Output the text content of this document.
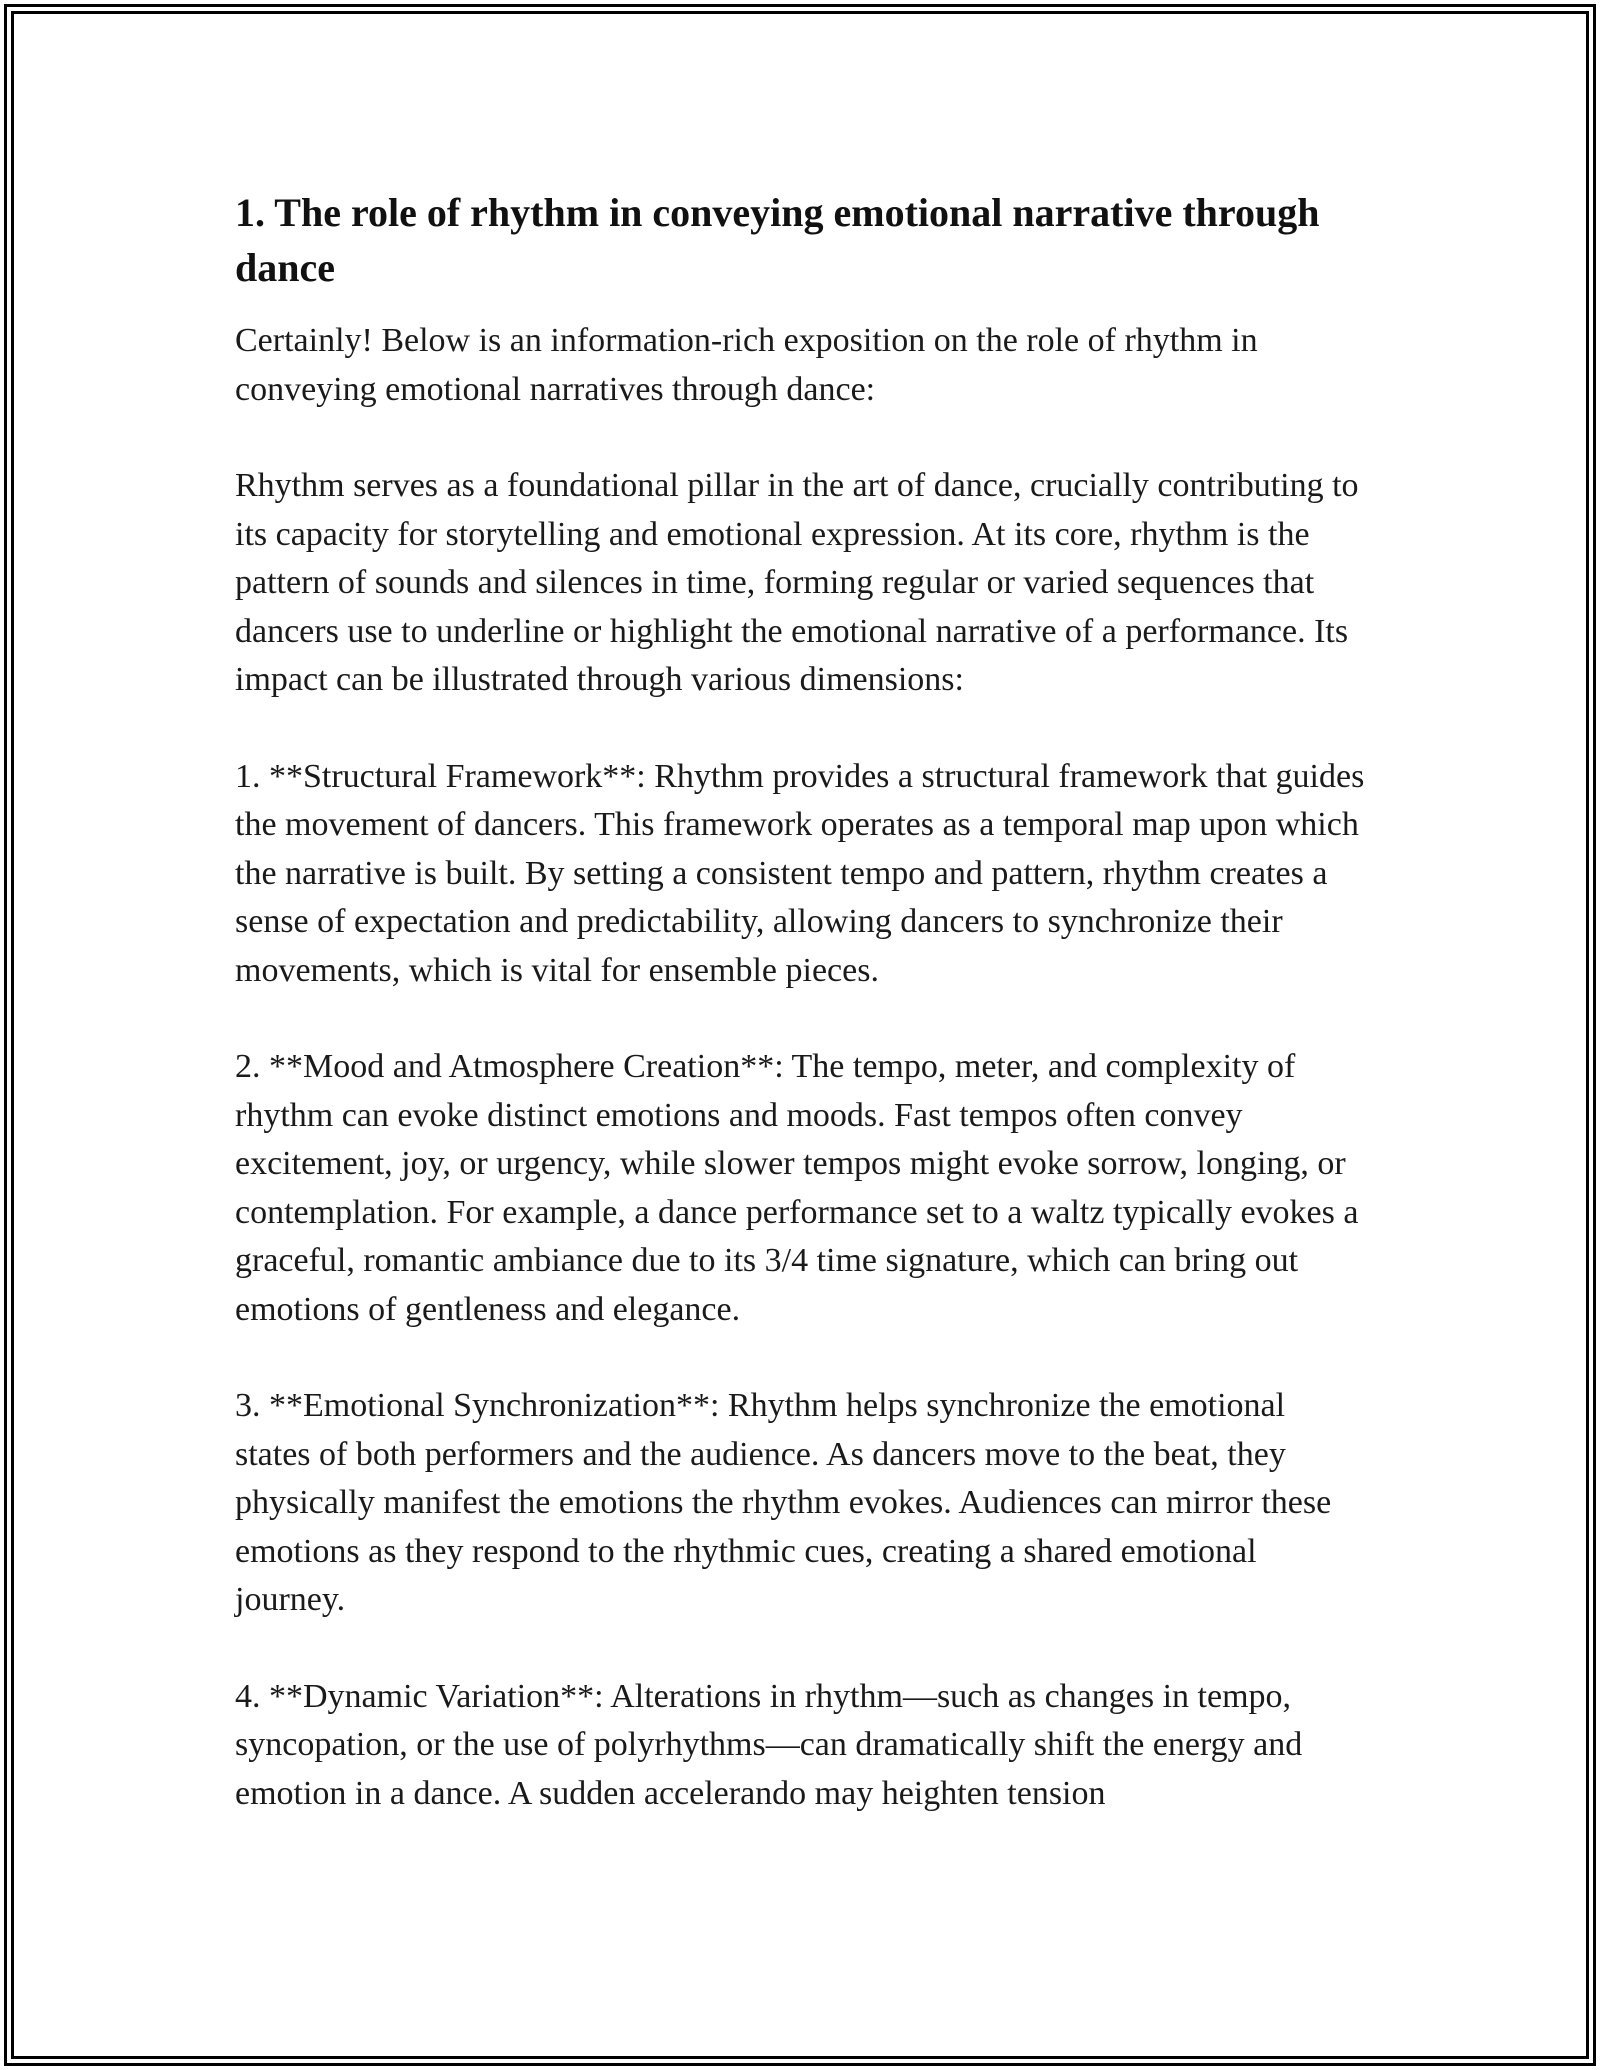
1. The role of rhythm in conveying emotional narrative through dance

Certainly! Below is an information-rich exposition on the role of rhythm in conveying emotional narratives through dance:

Rhythm serves as a foundational pillar in the art of dance, crucially contributing to its capacity for storytelling and emotional expression. At its core, rhythm is the pattern of sounds and silences in time, forming regular or varied sequences that dancers use to underline or highlight the emotional narrative of a performance. Its impact can be illustrated through various dimensions:

1. **Structural Framework**: Rhythm provides a structural framework that guides the movement of dancers. This framework operates as a temporal map upon which the narrative is built. By setting a consistent tempo and pattern, rhythm creates a sense of expectation and predictability, allowing dancers to synchronize their movements, which is vital for ensemble pieces.

2. **Mood and Atmosphere Creation**: The tempo, meter, and complexity of rhythm can evoke distinct emotions and moods. Fast tempos often convey excitement, joy, or urgency, while slower tempos might evoke sorrow, longing, or contemplation. For example, a dance performance set to a waltz typically evokes a graceful, romantic ambiance due to its 3/4 time signature, which can bring out emotions of gentleness and elegance.

3. **Emotional Synchronization**: Rhythm helps synchronize the emotional states of both performers and the audience. As dancers move to the beat, they physically manifest the emotions the rhythm evokes. Audiences can mirror these emotions as they respond to the rhythmic cues, creating a shared emotional journey.

4. **Dynamic Variation**: Alterations in rhythm—such as changes in tempo, syncopation, or the use of polyrhythms—can dramatically shift the energy and emotion in a dance. A sudden accelerando may heighten tension
